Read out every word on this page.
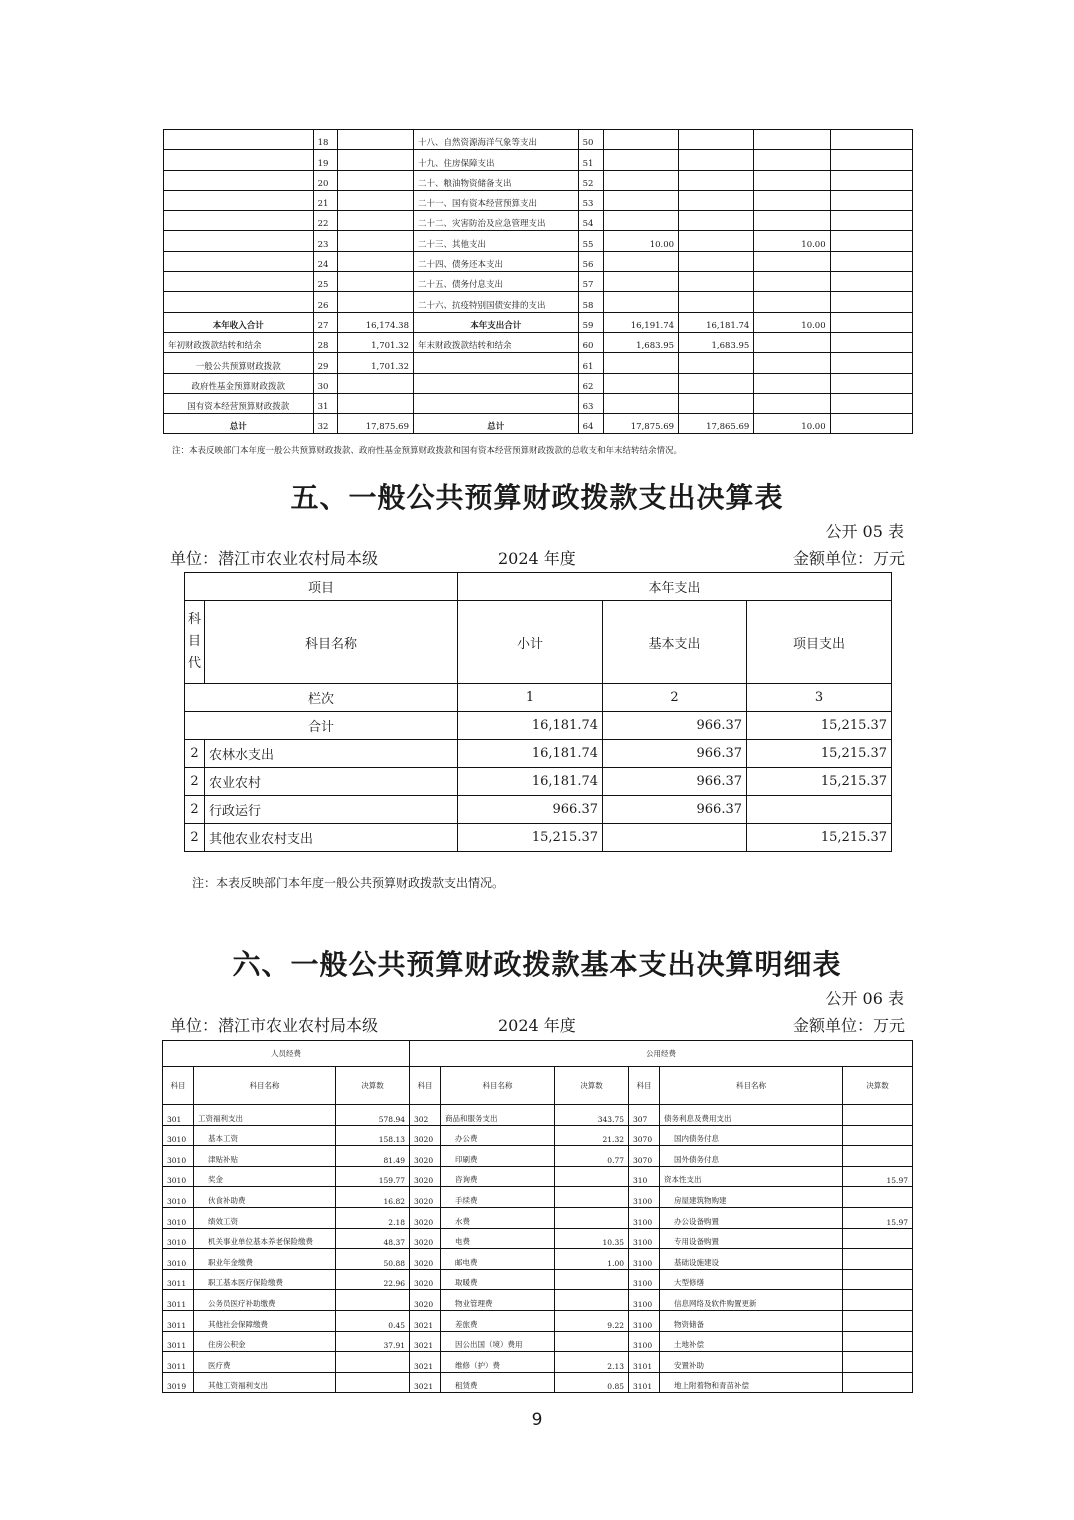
	18		十八、自然资源海洋气象等支出	50				
	19		十九、住房保障支出	51				
	20		二十、粮油物资储备支出	52				
	21		二十一、国有资本经营预算支出	53				
	22		二十二、灾害防治及应急管理支出	54				
	23		二十三、其他支出	55	10.00		10.00	
	24		二十四、债务还本支出	56				
	25		二十五、债务付息支出	57				
	26		二十六、抗疫特别国债安排的支出	58				
本年收入合计	27	16,174.38	本年支出合计	59	16,191.74	16,181.74	10.00	
年初财政拨款结转和结余	28	1,701.32	年末财政拨款结转和结余	60	1,683.95	1,683.95		
一般公共预算财政拨款	29	1,701.32		61				
政府性基金预算财政拨款	30			62				
国有资本经营预算财政拨款	31			63				
总计	32	17,875.69	总计	64	17,875.69	17,865.69	10.00	
注：本表反映部门本年度一般公共预算财政拨款、政府性基金预算财政拨款和国有资本经营预算财政拨款的总收支和年末结转结余情况。
五、一般公共预算财政拨款支出决算表
公开 05 表
单位：潜江市农业农村局本级	2024 年度	金额单位：万元
项目		本年支出		
科目代	科目名称	小计	基本支出	项目支出
栏次		1	2	3
合计		16,181.74	966.37	15,215.37
2	农林水支出	16,181.74	966.37	15,215.37
2	农业农村	16,181.74	966.37	15,215.37
2	行政运行	966.37	966.37	
2	其他农业农村支出	15,215.37		15,215.37
注：本表反映部门本年度一般公共预算财政拨款支出情况。
六、一般公共预算财政拨款基本支出决算明细表
公开 06 表
单位：潜江市农业农村局本级	2024 年度	金额单位：万元
人员经费			公用经费					
科目	科目名称	决算数	科目	科目名称	决算数	科目	科目名称	决算数
301	工资福利支出	578.94	302	商品和服务支出	343.75	307	债务利息及费用支出	
3010	基本工资	158.13	3020	办公费	21.32	3070	国内债务付息	
3010	津贴补贴	81.49	3020	印刷费	0.77	3070	国外债务付息	
3010	奖金	159.77	3020	咨询费		310	资本性支出	15.97
3010	伙食补助费	16.82	3020	手续费		3100	房屋建筑物购建	
3010	绩效工资	2.18	3020	水费		3100	办公设备购置	15.97
3010	机关事业单位基本养老保险缴费	48.37	3020	电费	10.35	3100	专用设备购置	
3010	职业年金缴费	50.88	3020	邮电费	1.00	3100	基础设施建设	
3011	职工基本医疗保险缴费	22.96	3020	取暖费		3100	大型修缮	
3011	公务员医疗补助缴费		3020	物业管理费		3100	信息网络及软件购置更新	
3011	其他社会保障缴费	0.45	3021	差旅费	9.22	3100	物资储备	
3011	住房公积金	37.91	3021	因公出国（境）费用		3100	土地补偿	
3011	医疗费		3021	维修（护）费	2.13	3101	安置补助	
3019	其他工资福利支出		3021	租赁费	0.85	3101	地上附着物和青苗补偿	
9
